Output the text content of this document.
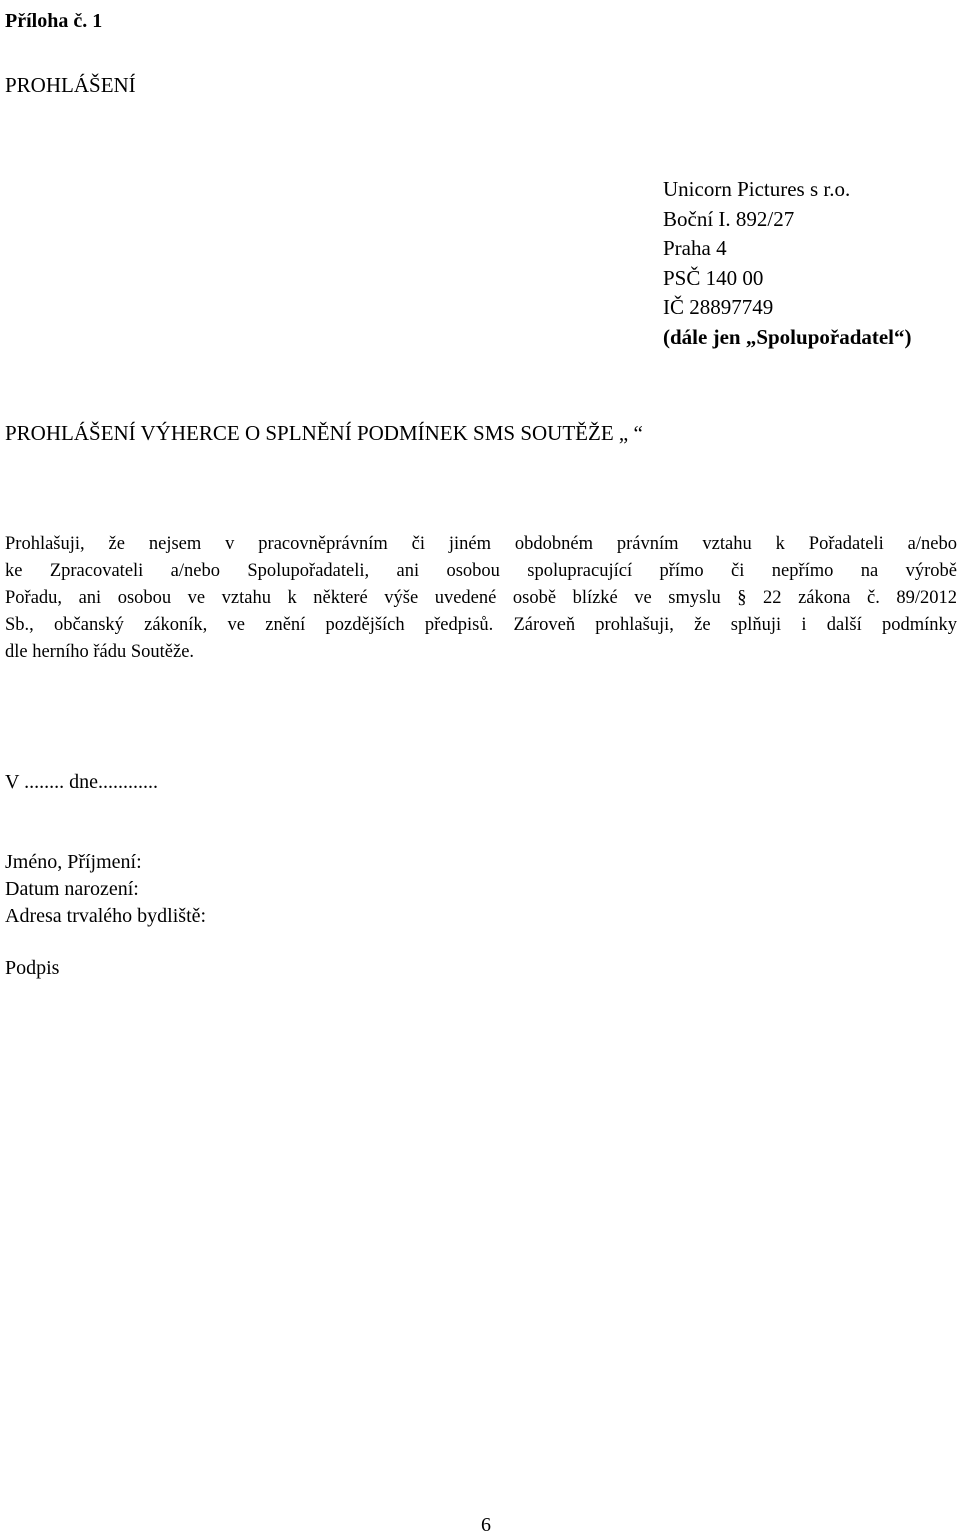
Příloha č. 1
PROHLÁŠENÍ
Unicorn Pictures s r.o.
Boční I. 892/27
Praha 4
PSČ 140 00
IČ 28897749
(dále jen „Spolupořadatel“)
PROHLÁŠENÍ VÝHERCE O SPLNĚNÍ PODMÍNEK SMS SOUTĚŽE „ “
Prohlašuji, že nejsem v pracovněprávním či jiném obdobném právním vztahu k Pořadateli a/nebo
ke Zpracovateli a/nebo Spolupořadateli, ani osobou spolupracující přímo či nepřímo na výrobě
Pořadu, ani osobou ve vztahu k některé výše uvedené osobě blízké ve smyslu § 22 zákona č. 89/2012
Sb., občanský zákoník, ve znění pozdějších předpisů. Zároveň prohlašuji, že splňuji i další podmínky
dle herního řádu Soutěže.
V ........ dne............
Jméno, Příjmení:
Datum narození:
Adresa trvalého bydliště:
Podpis
6
